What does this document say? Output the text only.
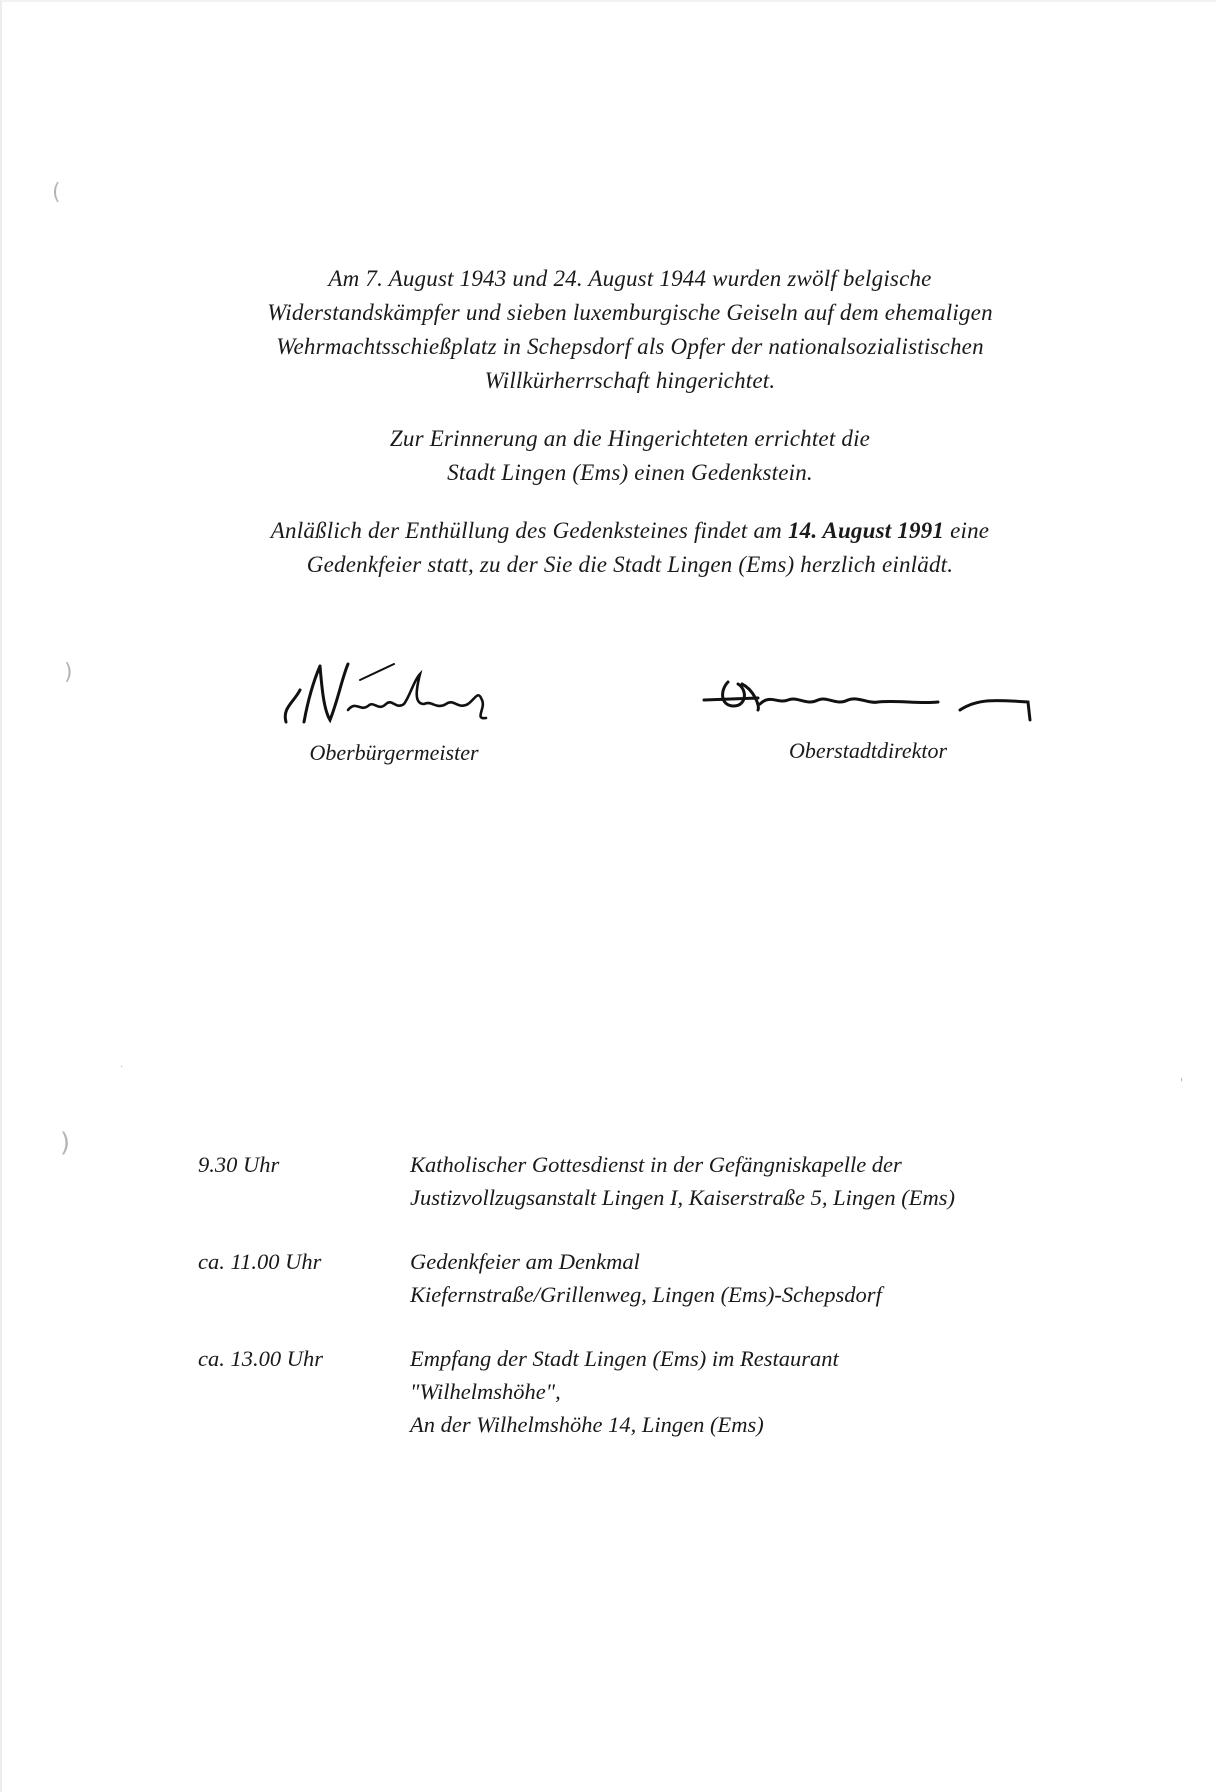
(
)
)
·
'

Am 7. August 1943 und 24. August 1944 wurden zwölf belgische
Widerstandskämpfer und sieben luxemburgische Geiseln auf dem ehemaligen
Wehrmachtsschießplatz in Schepsdorf als Opfer der nationalsozialistischen
Willkürherrschaft hingerichtet.

Zur Erinnerung an die Hingerichteten errichtet die
Stadt Lingen (Ems) einen Gedenkstein.

Anläßlich der Enthüllung des Gedenksteines findet am 14. August 1991 eine
Gedenkfeier statt, zu der Sie die Stadt Lingen (Ems) herzlich einlädt.

Oberbürgermeister	Oberstadtdirektor
9.30 Uhr	Katholischer Gottesdienst in der Gefängniskapelle der
Justizvollzugsanstalt Lingen I, Kaiserstraße 5, Lingen (Ems)
ca. 11.00 Uhr	Gedenkfeier am Denkmal
Kiefernstraße/Grillenweg, Lingen (Ems)-Schepsdorf
ca. 13.00 Uhr	Empfang der Stadt Lingen (Ems) im Restaurant
"Wilhelmshöhe",
An der Wilhelmshöhe 14, Lingen (Ems)
